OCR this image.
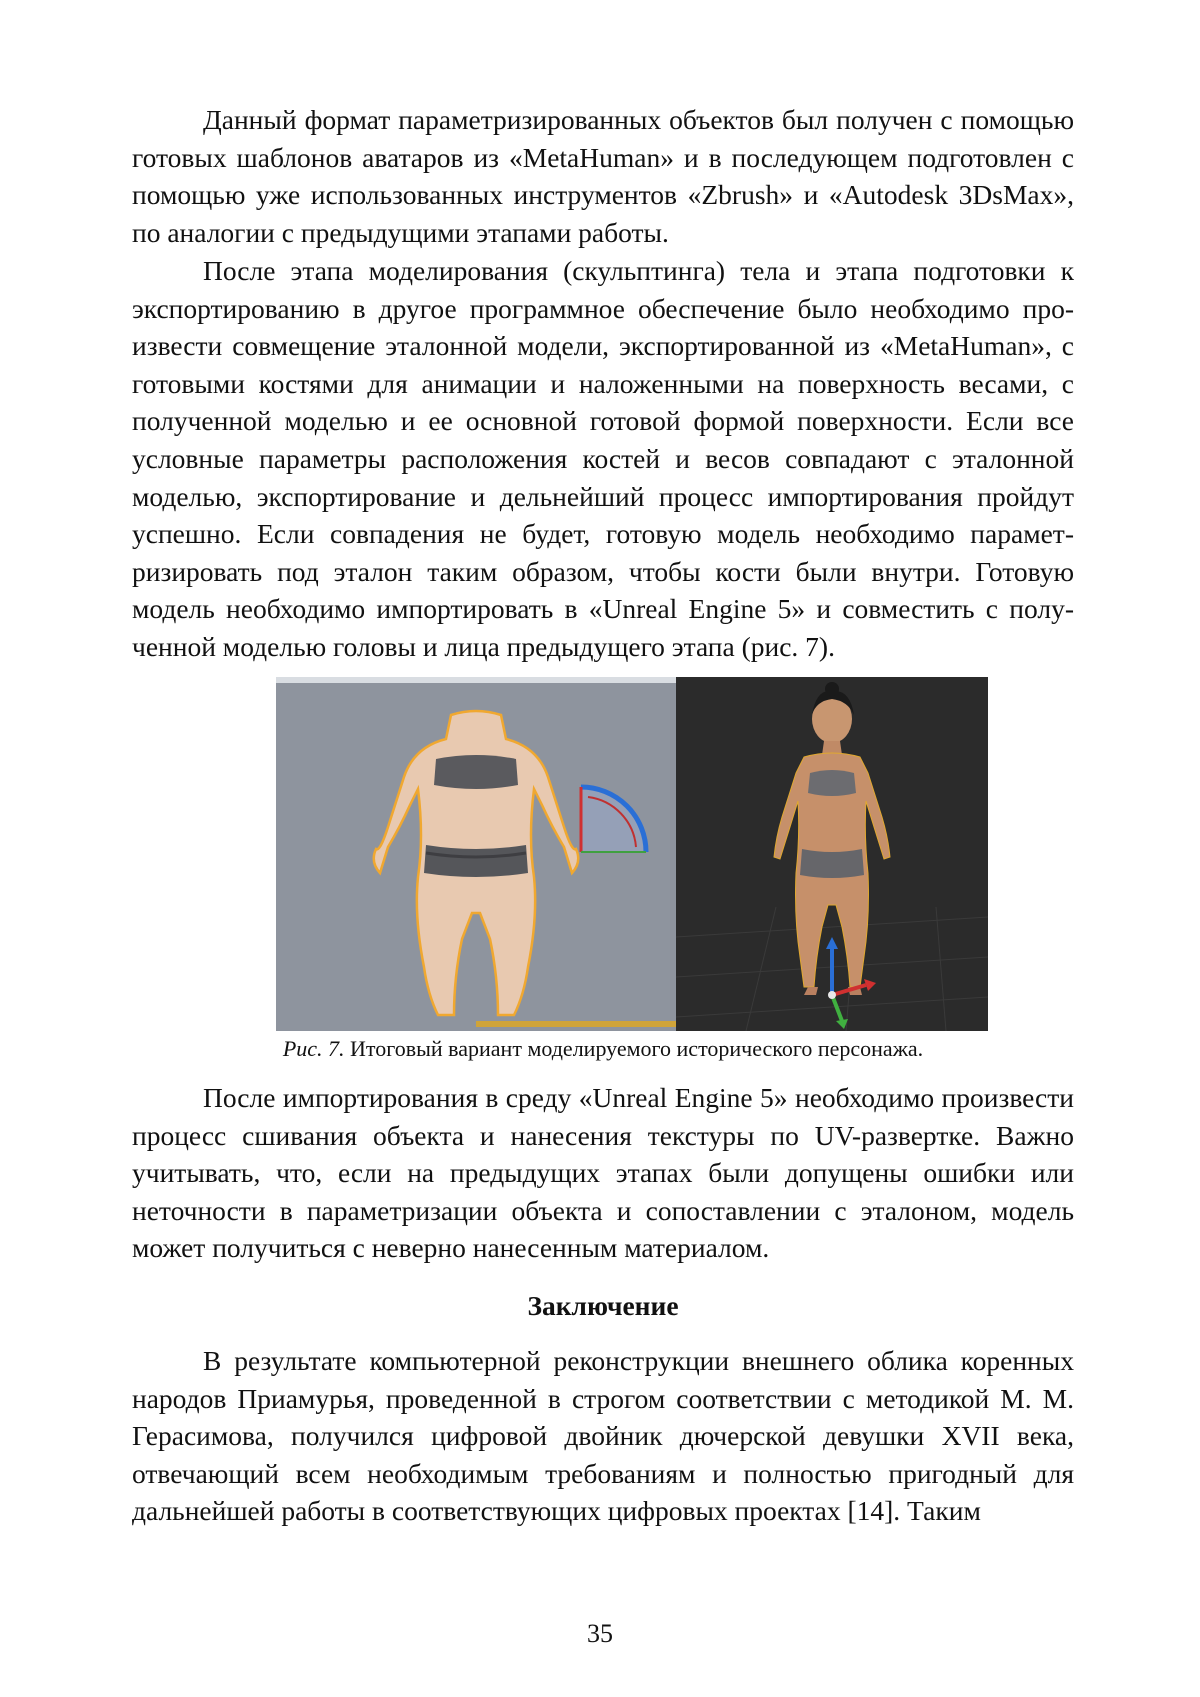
Данный формат параметризированных объектов был получен с помощью готовых шаблонов аватаров из «MetaHuman» и в последующем подготовлен с помощью уже использованных инструментов «Zbrush» и «Autodesk 3DsMax», по аналогии с предыдущими этапами работы.

После этапа моделирования (скульптинга) тела и этапа подготовки к экспортированию в другое программное обеспечение было необходимо произвести совмещение эталонной модели, экспортированной из «MetaHuman», с готовыми костями для анимации и наложенными на поверхность весами, с полученной моделью и ее основной готовой формой поверхности. Если все условные параметры расположения костей и весов совпадают с эталонной моделью, экспортирование и дельнейший процесс импортирования пройдут успешно. Если совпадения не будет, готовую модель необходимо параметризировать под эталон таким образом, чтобы кости были внутри. Готовую модель необходимо импортировать в «Unreal Engine 5» и совместить с полученной моделью головы и лица предыдущего этапа (рис. 7).

Рис. 7. Итоговый вариант моделируемого исторического персонажа.

После импортирования в среду «Unreal Engine 5» необходимо произвести процесс сшивания объекта и нанесения текстуры по UV-развертке. Важно учитывать, что, если на предыдущих этапах были допущены ошибки или неточности в параметризации объекта и сопоставлении с эталоном, модель может получиться с неверно нанесенным материалом.

Заключение

В результате компьютерной реконструкции внешнего облика коренных народов Приамурья, проведенной в строгом соответствии с методикой М. М. Герасимова, получился цифровой двойник дючерской девушки XVII века, отвечающий всем необходимым требованиям и полностью пригодный для дальнейшей работы в соответствующих цифровых проектах [14]. Таким

35
